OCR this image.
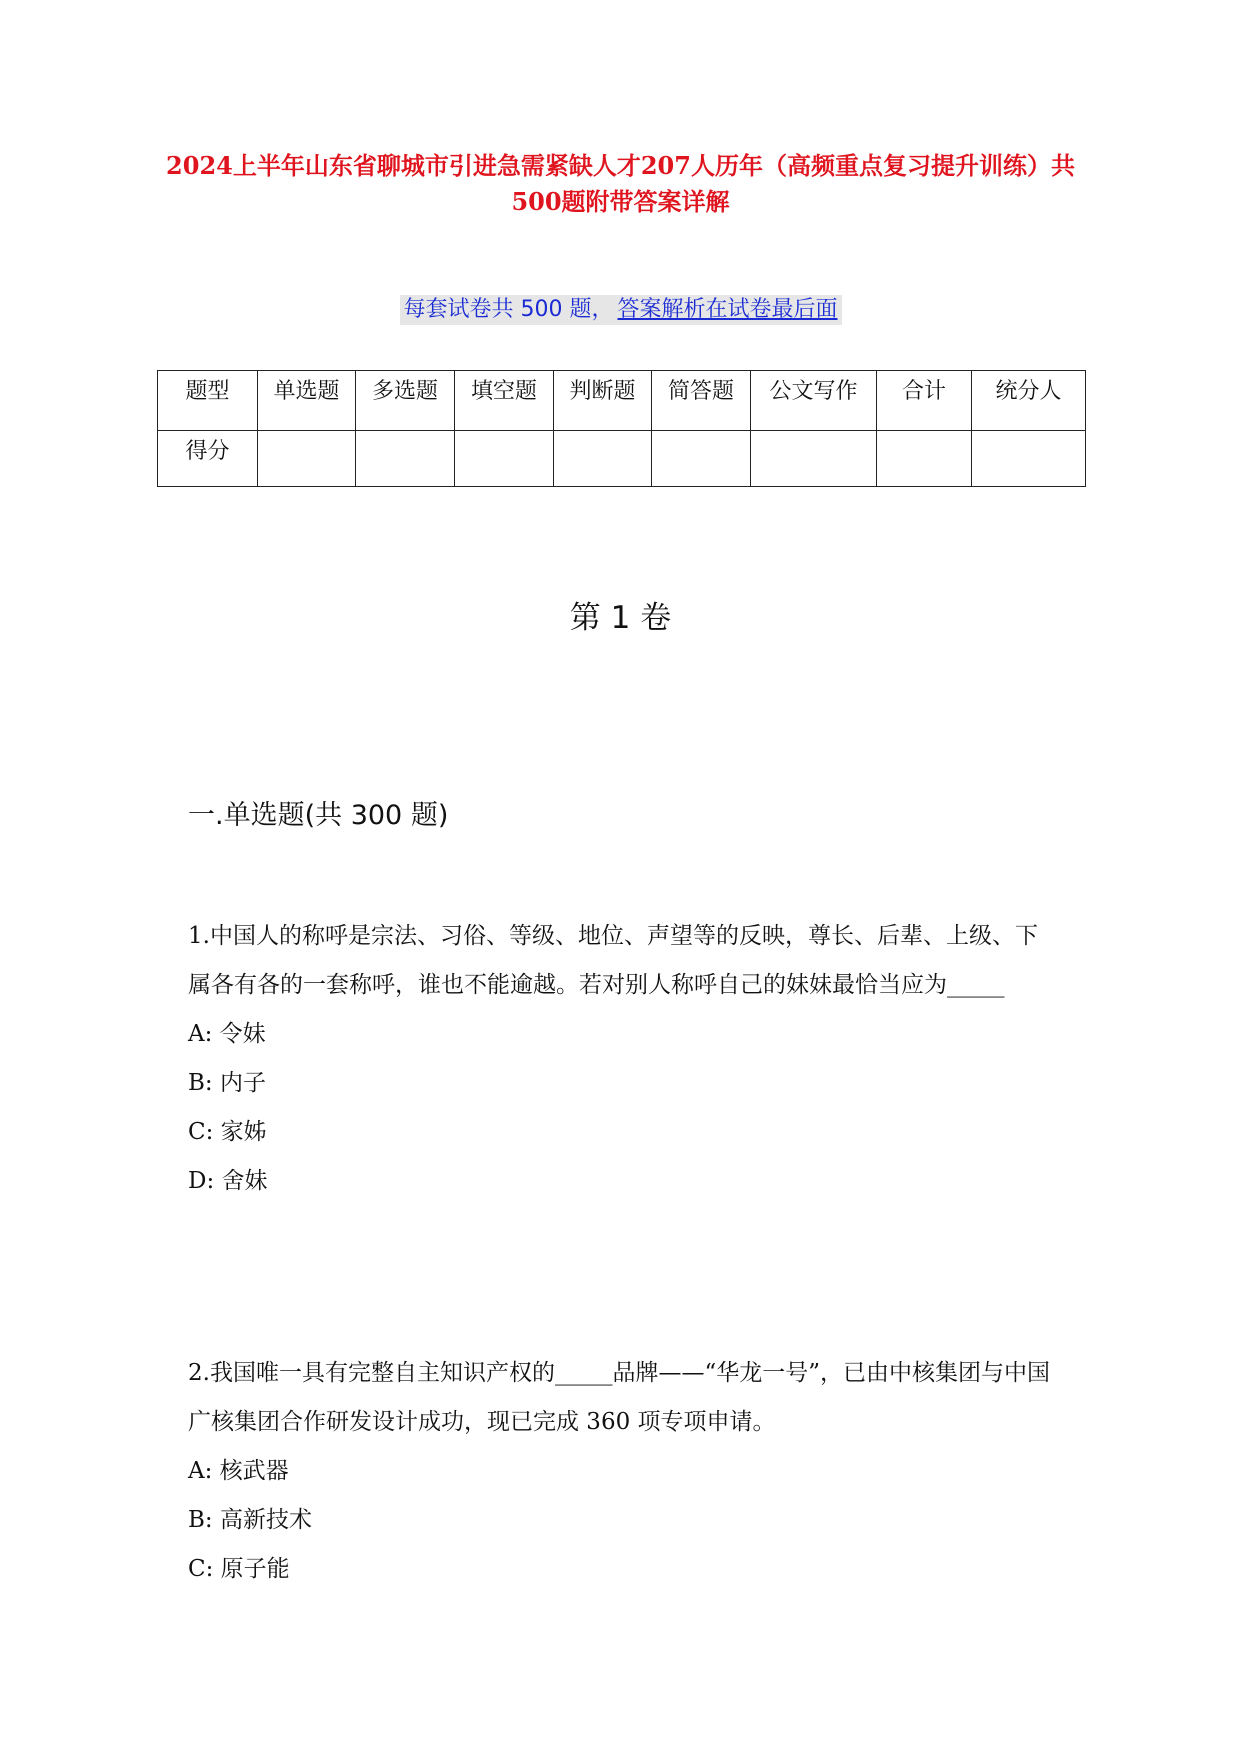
2024上半年山东省聊城市引进急需紧缺人才207人历年（高频重点复习提升训练）共500题附带答案详解
每套试卷共 500 题， 答案解析在试卷最后面
题型	单选题	多选题	填空题	判断题	简答题	公文写作	合计	统分人
得分								
第 1 卷
一.单选题(共 300 题)

1.中国人的称呼是宗法、习俗、等级、地位、声望等的反映，尊长、后辈、上级、下属各有各的一套称呼，谁也不能逾越。若对别人称呼自己的妹妹最恰当应为_____

A: 令妹

B: 内子

C: 家姊

D: 舍妹

2.我国唯一具有完整自主知识产权的_____品牌——“华龙一号”，已由中核集团与中国广核集团合作研发设计成功，现已完成 360 项专项申请。

A: 核武器

B: 高新技术

C: 原子能
